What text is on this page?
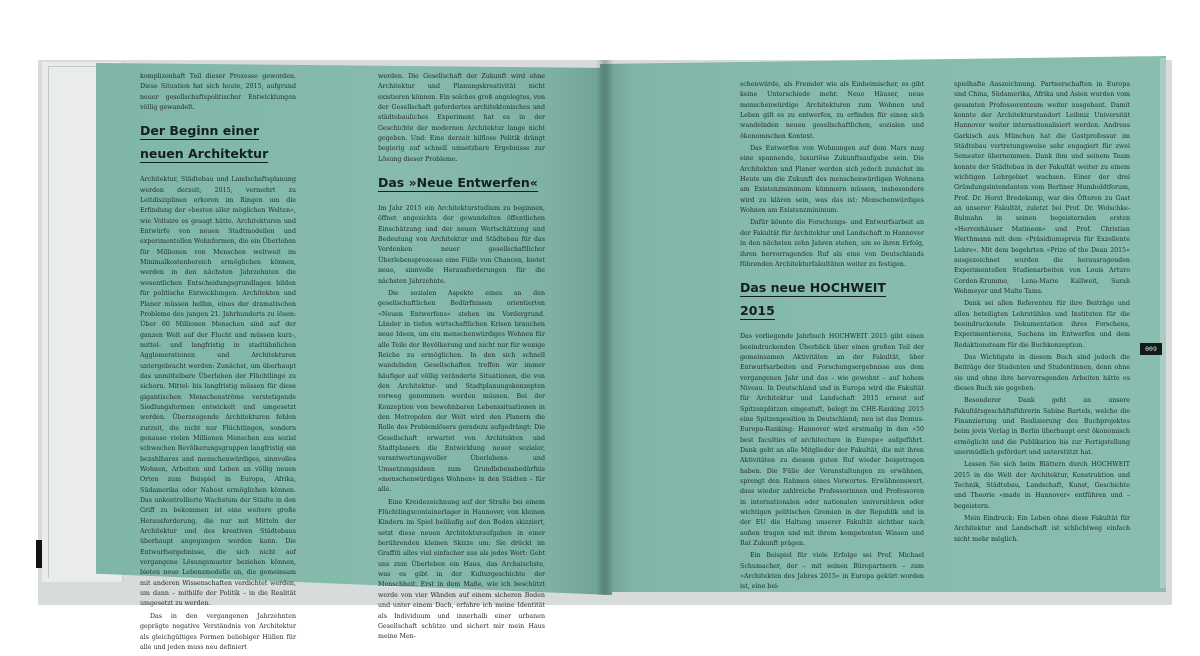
komplizenhaft Teil dieser Prozesse geworden. Diese Situation hat sich heute, 2015, aufgrund neuer gesellschaftspolitischer Entwicklungen völlig gewandelt.

Der Beginn einer neuen Architektur

Architektur, Städtebau und Landschaftsplanung werden derzeit, 2015, vermehrt zu Leitdisziplinen erkoren im Ringen um die Erfindung der »besten aller möglichen Welten«, wie Voltaire es gesagt hätte. Architekturen und Entwürfe von neuen Stadtmodellen und experimentellen Wohnformen, die ein Überleben für Millionen von Menschen weltweit im Minimalkostenbereich ermöglichen können, werden in den nächsten Jahrzehnten die wesentlichen Entscheidungsgrundlagen bilden für politische Entwicklungen. Architekten und Planer müssen helfen, eines der dramatischen Probleme des jungen 21. Jahrhunderts zu lösen: Über 60 Millionen Menschen sind auf der ganzen Welt auf der Flucht und müssen kurz-, mittel- und langfristig in stadtähnlichen Agglomerationen und Architekturen untergebracht werden: Zunächst, um überhaupt das unmittelbare Überleben der Flüchtlinge zu sichern. Mittel- bis langfristig müssen für diese gigantischen Menschenströme verstetigende Siedlungsformen entwickelt und umgesetzt werden. Überzeugende Architekturen fehlen zurzeit, die nicht nur Flüchtlingen, sondern genauso vielen Millionen Menschen aus sozial schwachen Bevölkerungsgruppen langfristig ein bezahlbares und menschenwürdiges, sinnvolles Wohnen, Arbeiten und Leben an völlig neuen Orten zum Beispiel in Europa, Afrika, Südamerika oder Nahost ermöglichen können. Das unkontrollierte Wachstum der Städte in den Griff zu bekommen ist eine weitere große Herausforderung, die nur mit Mitteln der Architektur und des kreativen Städtebaus überhaupt angegangen werden kann. Die Entwurfsergebnisse, die sich nicht auf vergangene Lösungsmuster beziehen können, bieten neue Lebensmodelle an, die gemeinsam mit anderen Wissenschaften verdichtet werden, um dann – mithilfe der Politik – in die Realität umgesetzt zu werden.

Das in den vergangenen Jahrzehnten geprägte negative Verständnis von Architektur als gleichgültiges Formen beliebiger Hüllen für alle und jeden muss neu definiert

werden. Die Gesellschaft der Zukunft wird ohne Architektur und Planungskreativität nicht existieren können. Ein solches groß angelegtes, von der Gesellschaft gefordertes architektonisches und städtebauliches Experiment hat es in der Geschichte der modernen Architektur lange nicht gegeben. Und: Eine derzeit hilflose Politik drängt begierig auf schnell umsetzbare Ergebnisse zur Lösung dieser Probleme.

Das »Neue Entwerfen«

Im Jahr 2015 ein Architekturstudium zu beginnen, öffnet angesichts der gewandelten öffentlichen Einschätzung und der neuen Wertschätzung und Bedeutung von Architektur und Städtebau für das Vordenken neuer gesellschaftlicher Überlebensprozesse eine Fülle von Chancen, bietet neue, sinnvolle Herausforderungen für die nächsten Jahrzehnte.

Die sozialen Aspekte eines an den gesellschaftlichen Bedürfnissen orientierten »Neuen Entwerfens« stehen im Vordergrund. Länder in tiefen wirtschaftlichen Krisen brauchen neue Ideen, um ein menschenwürdiges Wohnen für alle Teile der Bevölkerung und nicht nur für wenige Reiche zu ermöglichen. In den sich schnell wandelnden Gesellschaften treffen wir immer häufiger auf völlig veränderte Situationen, die von den Architektur- und Stadtplanungskonzepten vorweg genommen werden müssen. Bei der Konzeption von bewohnbaren Lebenssituationen in den Metropolen der Welt wird den Planern die Rolle des Problemlösers geradezu aufgedrängt: Die Gesellschaft erwartet von Architekten und Stadtplanern die Entwicklung neuer sozialer, verantwortungsvoller Überlebens- und Umsetzungsideen zum Grundlebensbedürfnis »menschenwürdiges Wohnen« in den Städten – für alle.

Eine Kreidezeichnung auf der Straße bei einem Flüchtlingscontainerlager in Hannover, von kleinen Kindern im Spiel beiläufig auf den Boden skizziert, setzt diese neuen Architekturaufgaben in einer berührenden kleinen Skizze um: Sie drückt im Graffiti alles viel einfacher aus als jedes Wort: Gebt uns zum Überleben ein Haus, das Archaischste, was es gibt in der Kulturgeschichte der Menschheit. Erst in dem Maße, wie ich beschützt werde von vier Wänden auf einem sicheren Boden und unter einem Dach, erfahre ich meine Identität als Individuum und innerhalb einer urbanen Gesellschaft schütze und sichert mir mein Haus meine Men-

schenwürde, als Fremder wie als Einheimischer, es gibt keine Unterschiede mehr. Neue Häuser, neue menschenwürdige Architekturen zum Wohnen und Leben gilt es zu entwerfen, zu erfinden für einen sich wandelnden neuen gesellschaftlichen, sozialen und ökonomischen Kontext.

Das Entwerfen von Wohnungen auf dem Mars mag eine spannende, luxuriöse Zukunftsaufgabe sein. Die Architekten und Planer werden sich jedoch zunächst im Heute um die Zukunft des menschenwürdigen Wohnens am Existenzminimum kümmern müssen, insbesondere wird zu klären sein, was das ist: Menschenwürdiges Wohnen am Existenzminimum.

Dafür könnte die Forschungs- und Entwurfsarbeit an der Fakultät für Architektur und Landschaft in Hannover in den nächsten zehn Jahren stehen, um so ihren Erfolg, ihren hervorragenden Ruf als eine von Deutschlands führenden Architekturfakultäten weiter zu festigen.

Das neue HOCHWEIT 2015

Das vorliegende Jahrbuch HOCHWEIT 2015 gibt einen beeindruckenden Überblick über einen großen Teil der gemeinsamen Aktivitäten an der Fakultät, über Entwurfsarbeiten und Forschungsergebnisse aus dem vergangenen Jahr und das – wie gewohnt – auf hohem Niveau. In Deutschland und in Europa wird die Fakultät für Architektur und Landschaft 2015 erneut auf Spitzenplätzen eingestuft, belegt im CHE-Ranking 2015 eine Spitzenposition in Deutschland; neu ist das Domus-Europa-Ranking: Hannover wird erstmalig in den »50 best faculties of architecture in Europe« aufgeführt. Dank geht an alle Mitglieder der Fakultät, die mit ihren Aktivitäten zu diesem guten Ruf wieder beigetragen haben. Die Fülle der Veranstaltungen zu erwähnen, sprengt den Rahmen eines Vorwortes. Erwähnenswert, dass wieder zahlreiche Professorinnen und Professoren in internationalen oder nationalen universitären oder wichtigen politischen Gremien in der Republik und in der EU die Haltung unserer Fakultät sichtbar nach außen tragen und mit ihrem kompetenten Wissen und Rat Zukunft prägen.

Ein Beispiel für viele Erfolge sei Prof. Michael Schumacher, der – mit seinen Büropartnern – zum »Architekten des Jahres 2015« in Europa gekürt worden ist, eine bei-

spielhafte Auszeichnung. Partnerschaften in Europa und China, Südamerika, Afrika und Asien wurden vom gesamten Professorenteam weiter ausgebaut. Damit konnte der Architekturstandort Leibniz Universität Hannover weiter internationalisiert werden. Andreas Garkisch aus München hat die Gastprofessur im Städtebau vertretungsweise sehr engagiert für zwei Semester übernommen. Dank ihm und seinem Team konnte der Städtebau in der Fakultät weiter zu einem wichtigen Lehrgebiet wachsen. Einer der drei Gründungsintendanten vom Berliner Humboldtforum, Prof. Dr. Horst Bredekamp, war des Öfteren zu Gast an unserer Fakultät, zuletzt bei Prof. Dr. Wolschke-Bulmahn in seinen begeisternden ersten »Herrenhäuser Matineen« und Prof. Christian Werthmann mit dem »Präsidiumspreis für Exzellente Lehre«. Mit dem begehrten »Prize of the Dean 2015« ausgezeichnet wurden die herausragenden Experimentellen Studienarbeiten von Louis Arturo Cordon-Krumme, Lena-Marie Kallweit, Sarah Wehmeyer und Malte Tams.

Dank sei allen Referenten für ihre Beiträge und allen beteiligten Lehrstühlen und Instituten für die beeindruckende Dokumentation ihres Forschens, Experimentierens, Suchens im Entwerfen und dem Redaktionsteam für die Buchkonzeption.

Das Wichtigste in diesem Buch sind jedoch die Beiträge der Studenten und Studentinnen, denn ohne sie und ohne ihre hervorragenden Arbeiten hätte es dieses Buch nie gegeben.

Besonderer Dank geht an unsere Fakultätsgeschäftsführerin Sabine Bartels, welche die Finanzierung und Realisierung des Buchprojektes beim jovis Verlag in Berlin überhaupt erst ökonomisch ermöglicht und die Publikation bis zur Fertigstellung unermüdlich gefördert und unterstützt hat.

Lassen Sie sich beim Blättern durch HOCHWEIT 2015 in die Welt der Architektur, Konstruktion und Technik, Städtebau, Landschaft, Kunst, Geschichte und Theorie »made in Hannover« entführen und – begeistern.

Mein Eindruck: Ein Leben ohne diese Fakultät für Architektur und Landschaft ist schlichtweg einfach nicht mehr möglich.

009
